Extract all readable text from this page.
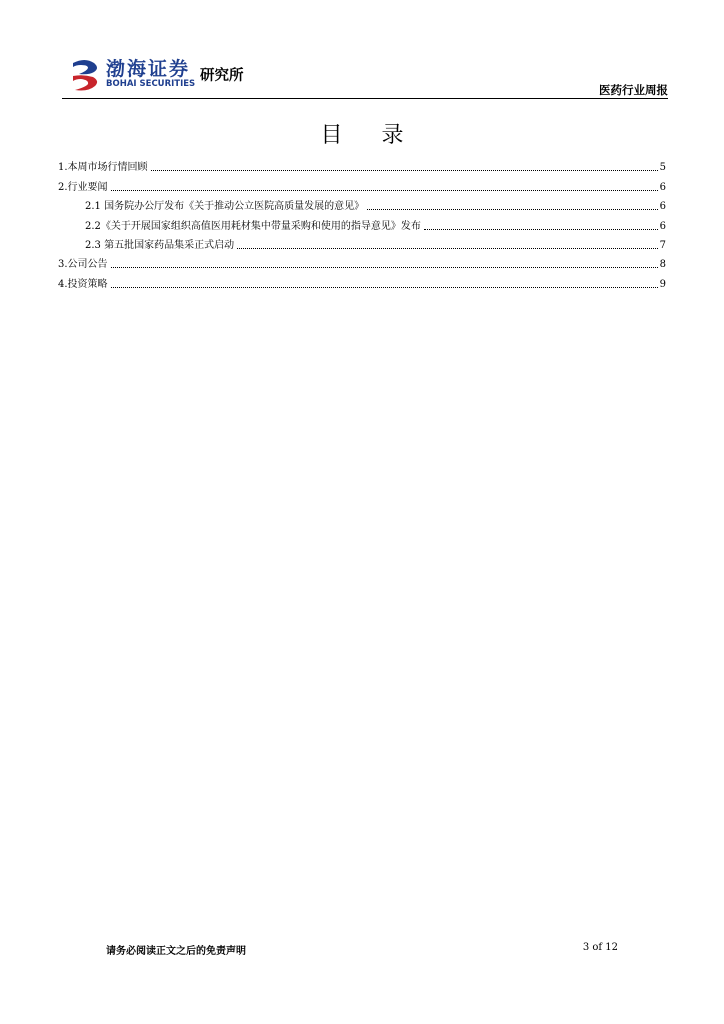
渤海证券
BOHAI SECURITIES 研究所
医药行业周报
目 录
1.本周市场行情回顾	5
2.行业要闻	6
2.1 国务院办公厅发布《关于推动公立医院高质量发展的意见》	6
2.2《关于开展国家组织高值医用耗材集中带量采购和使用的指导意见》发布	6
2.3 第五批国家药品集采正式启动	7
3.公司公告	8
4.投资策略	9
请务必阅读正文之后的免责声明	3 of 12
